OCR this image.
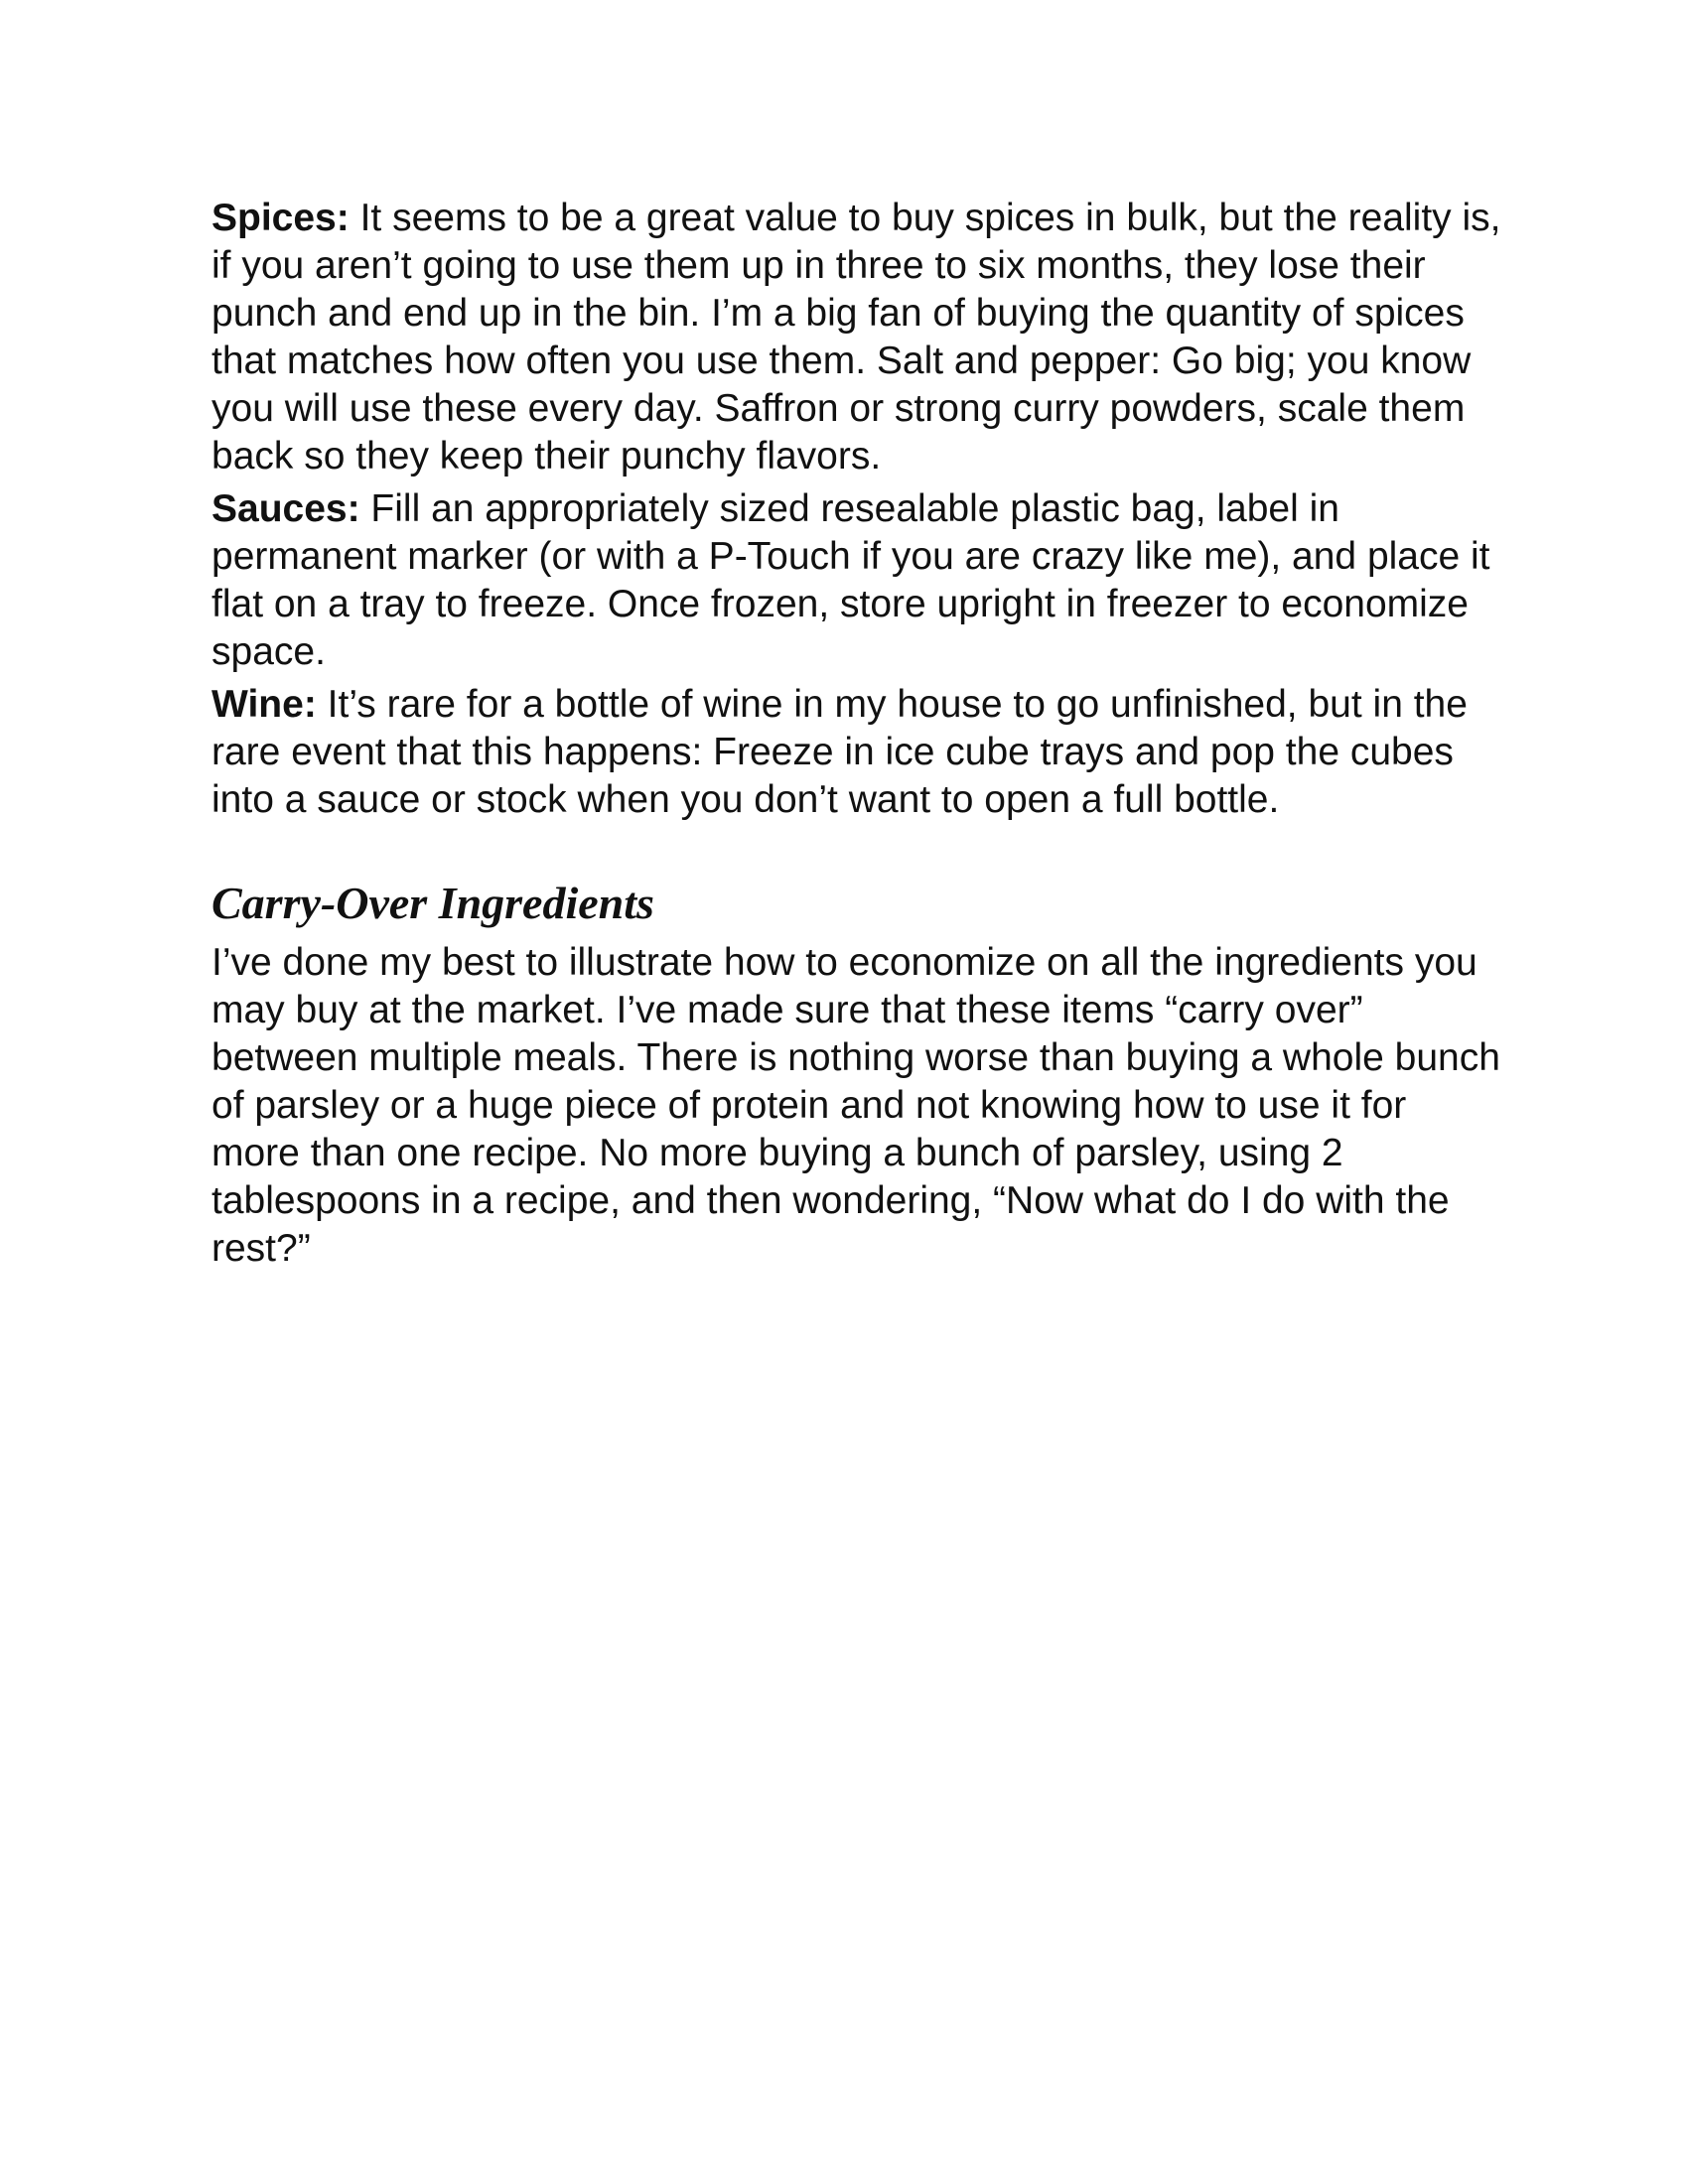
Spices: It seems to be a great value to buy spices in bulk, but the reality is, if you aren’t going to use them up in three to six months, they lose their punch and end up in the bin. I’m a big fan of buying the quantity of spices that matches how often you use them. Salt and pepper: Go big; you know you will use these every day. Saffron or strong curry powders, scale them back so they keep their punchy flavors.

Sauces: Fill an appropriately sized resealable plastic bag, label in permanent marker (or with a P-Touch if you are crazy like me), and place it flat on a tray to freeze. Once frozen, store upright in freezer to economize space.

Wine: It’s rare for a bottle of wine in my house to go unfinished, but in the rare event that this happens: Freeze in ice cube trays and pop the cubes into a sauce or stock when you don’t want to open a full bottle.

Carry-Over Ingredients

I’ve done my best to illustrate how to economize on all the ingredients you may buy at the market. I’ve made sure that these items “carry over” between multiple meals. There is nothing worse than buying a whole bunch of parsley or a huge piece of protein and not knowing how to use it for more than one recipe. No more buying a bunch of parsley, using 2 tablespoons in a recipe, and then wondering, “Now what do I do with the rest?”
